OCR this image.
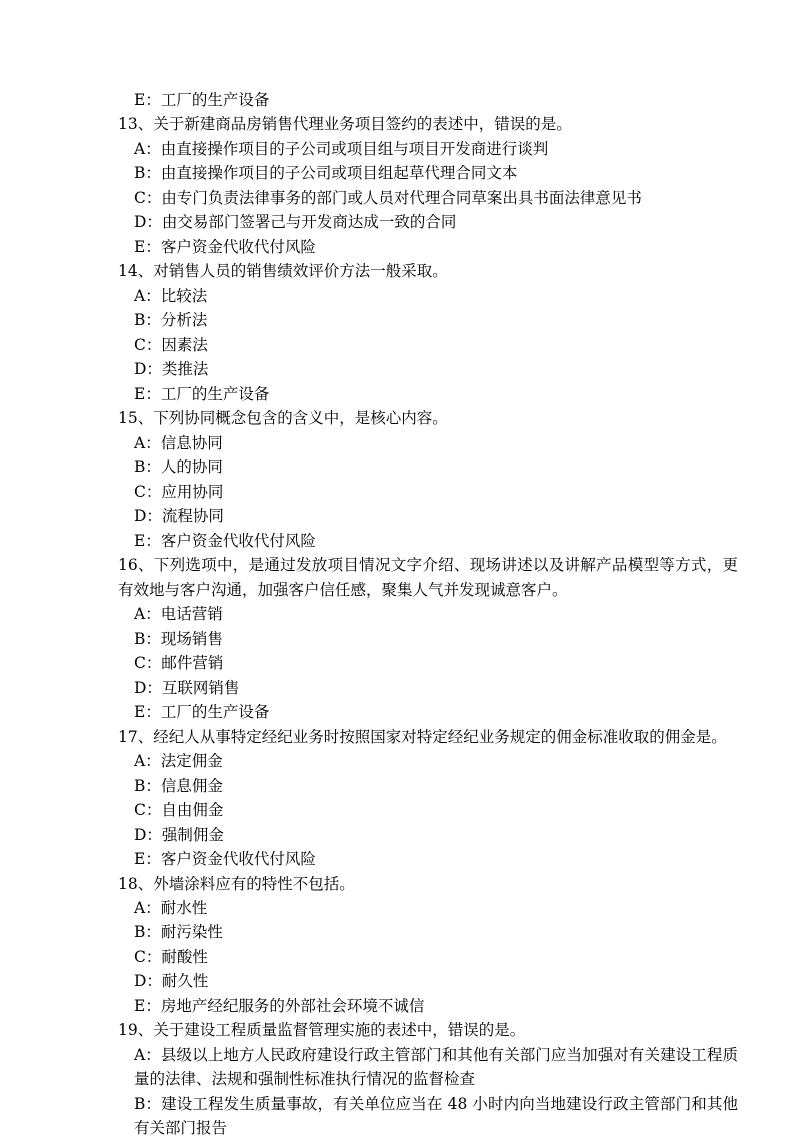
E：工厂的生产设备
13、关于新建商品房销售代理业务项目签约的表述中，错误的是。
A：由直接操作项目的子公司或项目组与项目开发商进行谈判
B：由直接操作项目的子公司或项目组起草代理合同文本
C：由专门负责法律事务的部门或人员对代理合同草案出具书面法律意见书
D：由交易部门签署己与开发商达成一致的合同
E：客户资金代收代付风险
14、对销售人员的销售绩效评价方法一般采取。
A：比较法
B：分析法
C：因素法
D：类推法
E：工厂的生产设备
15、下列协同概念包含的含义中，是核心内容。
A：信息协同
B：人的协同
C：应用协同
D：流程协同
E：客户资金代收代付风险
16、下列选项中，是通过发放项目情况文字介绍、现场讲述以及讲解产品模型等方式，更有效地与客户沟通，加强客户信任感，聚集人气并发现诚意客户。
A：电话营销
B：现场销售
C：邮件营销
D：互联网销售
E：工厂的生产设备
17、经纪人从事特定经纪业务时按照国家对特定经纪业务规定的佣金标准收取的佣金是。
A：法定佣金
B：信息佣金
C：自由佣金
D：强制佣金
E：客户资金代收代付风险
18、外墙涂料应有的特性不包括。
A：耐水性
B：耐污染性
C：耐酸性
D：耐久性
E：房地产经纪服务的外部社会环境不诚信
19、关于建设工程质量监督管理实施的表述中，错误的是。
A：县级以上地方人民政府建设行政主管部门和其他有关部门应当加强对有关建设工程质量的法律、法规和强制性标准执行情况的监督检查
B：建设工程发生质量事故，有关单位应当在 48 小时内向当地建设行政主管部门和其他有关部门报告
